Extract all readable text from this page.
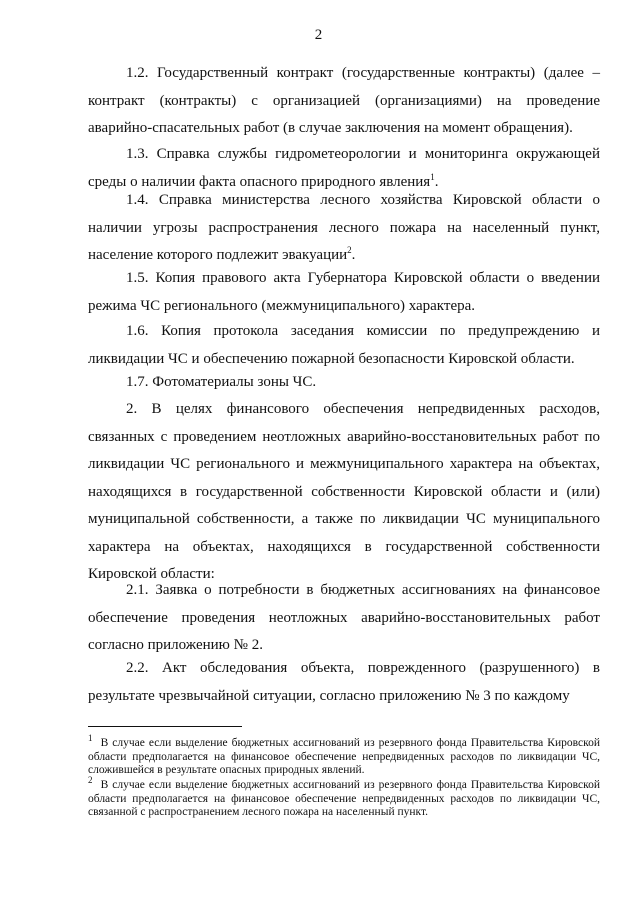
2
1.2. Государственный контракт (государственные контракты) (далее – контракт (контракты) с организацией (организациями) на проведение аварийно-спасательных работ (в случае заключения на момент обращения).
1.3. Справка службы гидрометеорологии и мониторинга окружающей среды о наличии факта опасного природного явления$^1$.
1.4. Справка министерства лесного хозяйства Кировской области о наличии угрозы распространения лесного пожара на населенный пункт, население которого подлежит эвакуации$^2$.
1.5. Копия правового акта Губернатора Кировской области о введении режима ЧС регионального (межмуниципального) характера.
1.6. Копия протокола заседания комиссии по предупреждению и ликвидации ЧС и обеспечению пожарной безопасности Кировской области.
1.7. Фотоматериалы зоны ЧС.
2. В целях финансового обеспечения непредвиденных расходов, связанных с проведением неотложных аварийно-восстановительных работ по ликвидации ЧС регионального и межмуниципального характера на объектах, находящихся в государственной собственности Кировской области и (или) муниципальной собственности, а также по ликвидации ЧС муниципального характера на объектах, находящихся в государственной собственности Кировской области:
2.1. Заявка о потребности в бюджетных ассигнованиях на финансовое обеспечение проведения неотложных аварийно-восстановительных работ согласно приложению № 2.
2.2. Акт обследования объекта, поврежденного (разрушенного) в результате чрезвычайной ситуации, согласно приложению № 3 по каждому
$^1$ В случае если выделение бюджетных ассигнований из резервного фонда Правительства Кировской области предполагается на финансовое обеспечение непредвиденных расходов по ликвидации ЧС, сложившейся в результате опасных природных явлений.
$^2$ В случае если выделение бюджетных ассигнований из резервного фонда Правительства Кировской области предполагается на финансовое обеспечение непредвиденных расходов по ликвидации ЧС, связанной с распространением лесного пожара на населенный пункт.
